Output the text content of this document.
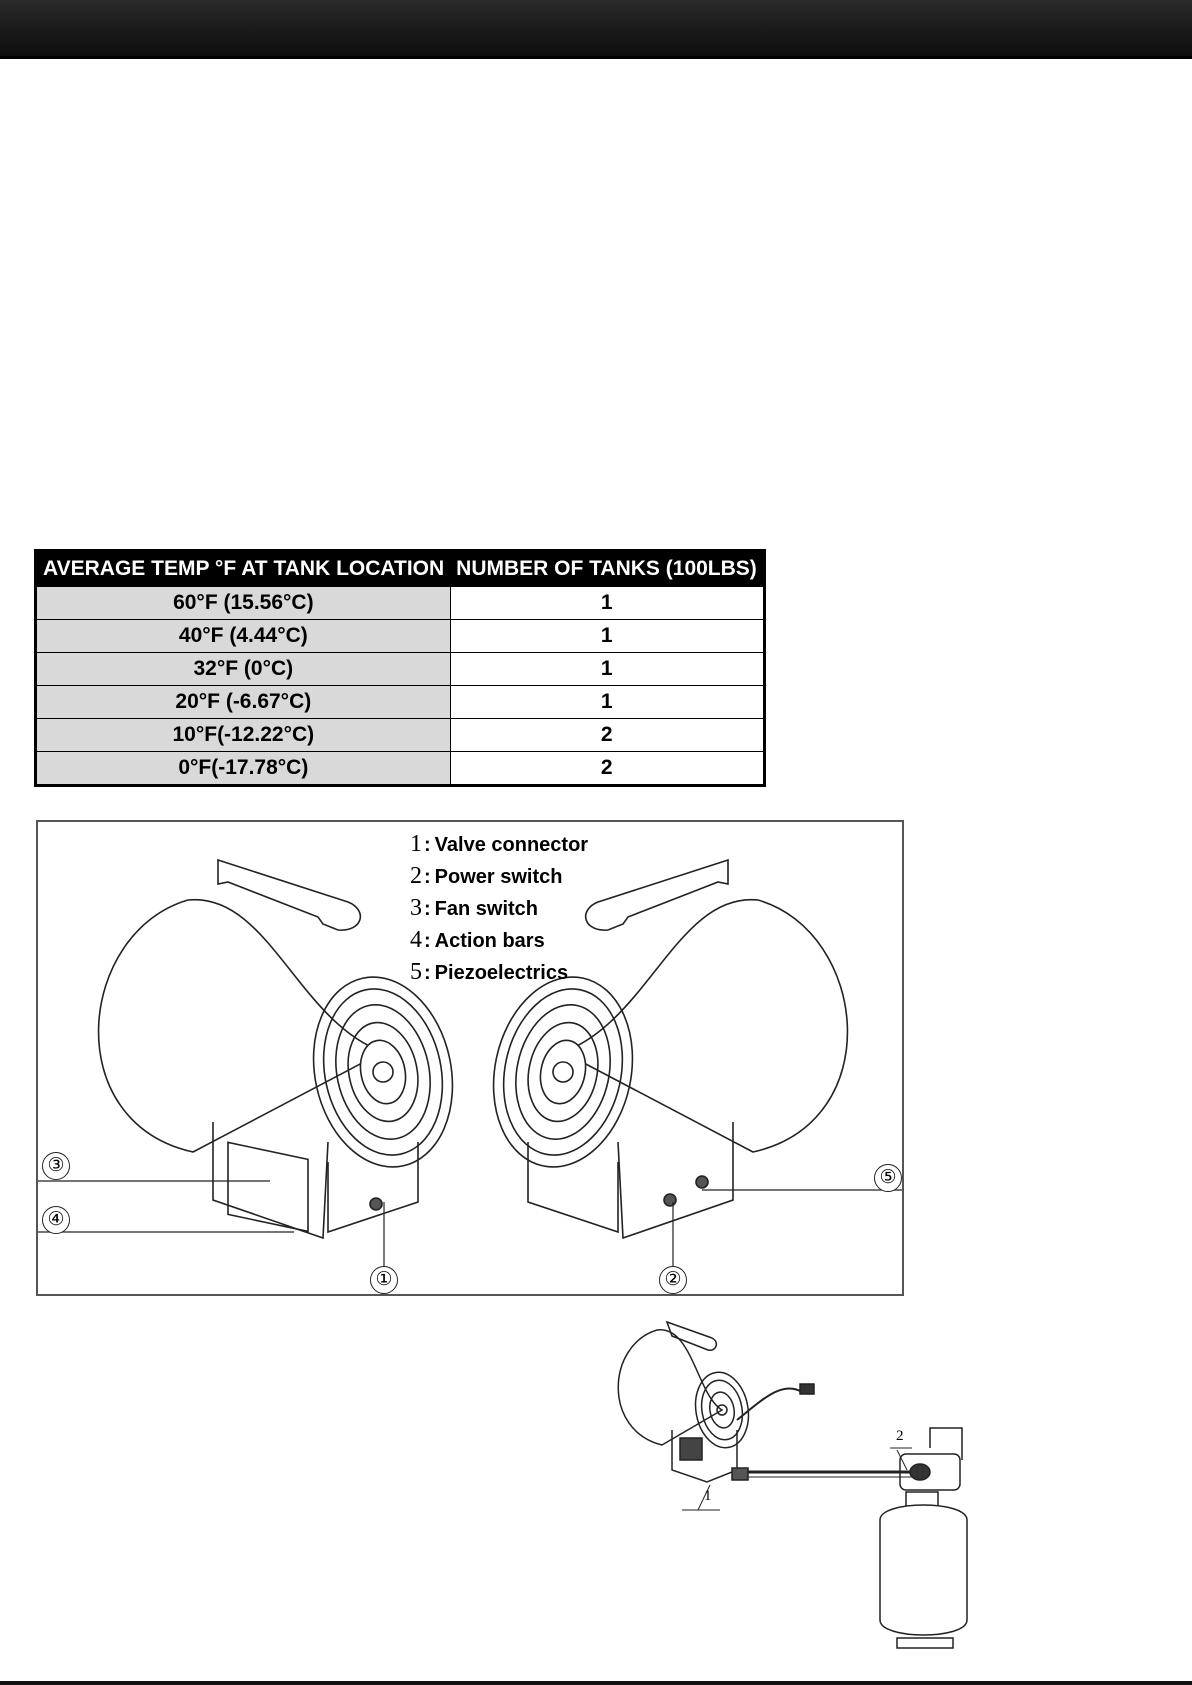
AVERAGE TEMP °F AT TANK LOCATION	NUMBER OF TANKS (100LBS)
60°F (15.56°C)	1
40°F (4.44°C)	1
32°F (0°C)	1
20°F (-6.67°C)	1
10°F(-12.22°C)	2
0°F(-17.78°C)	2
1 : Valve connector
2 : Power switch
3 : Fan switch
4 : Action bars
5 : Piezoelectrics
①	②
③
④
⑤
1
2
